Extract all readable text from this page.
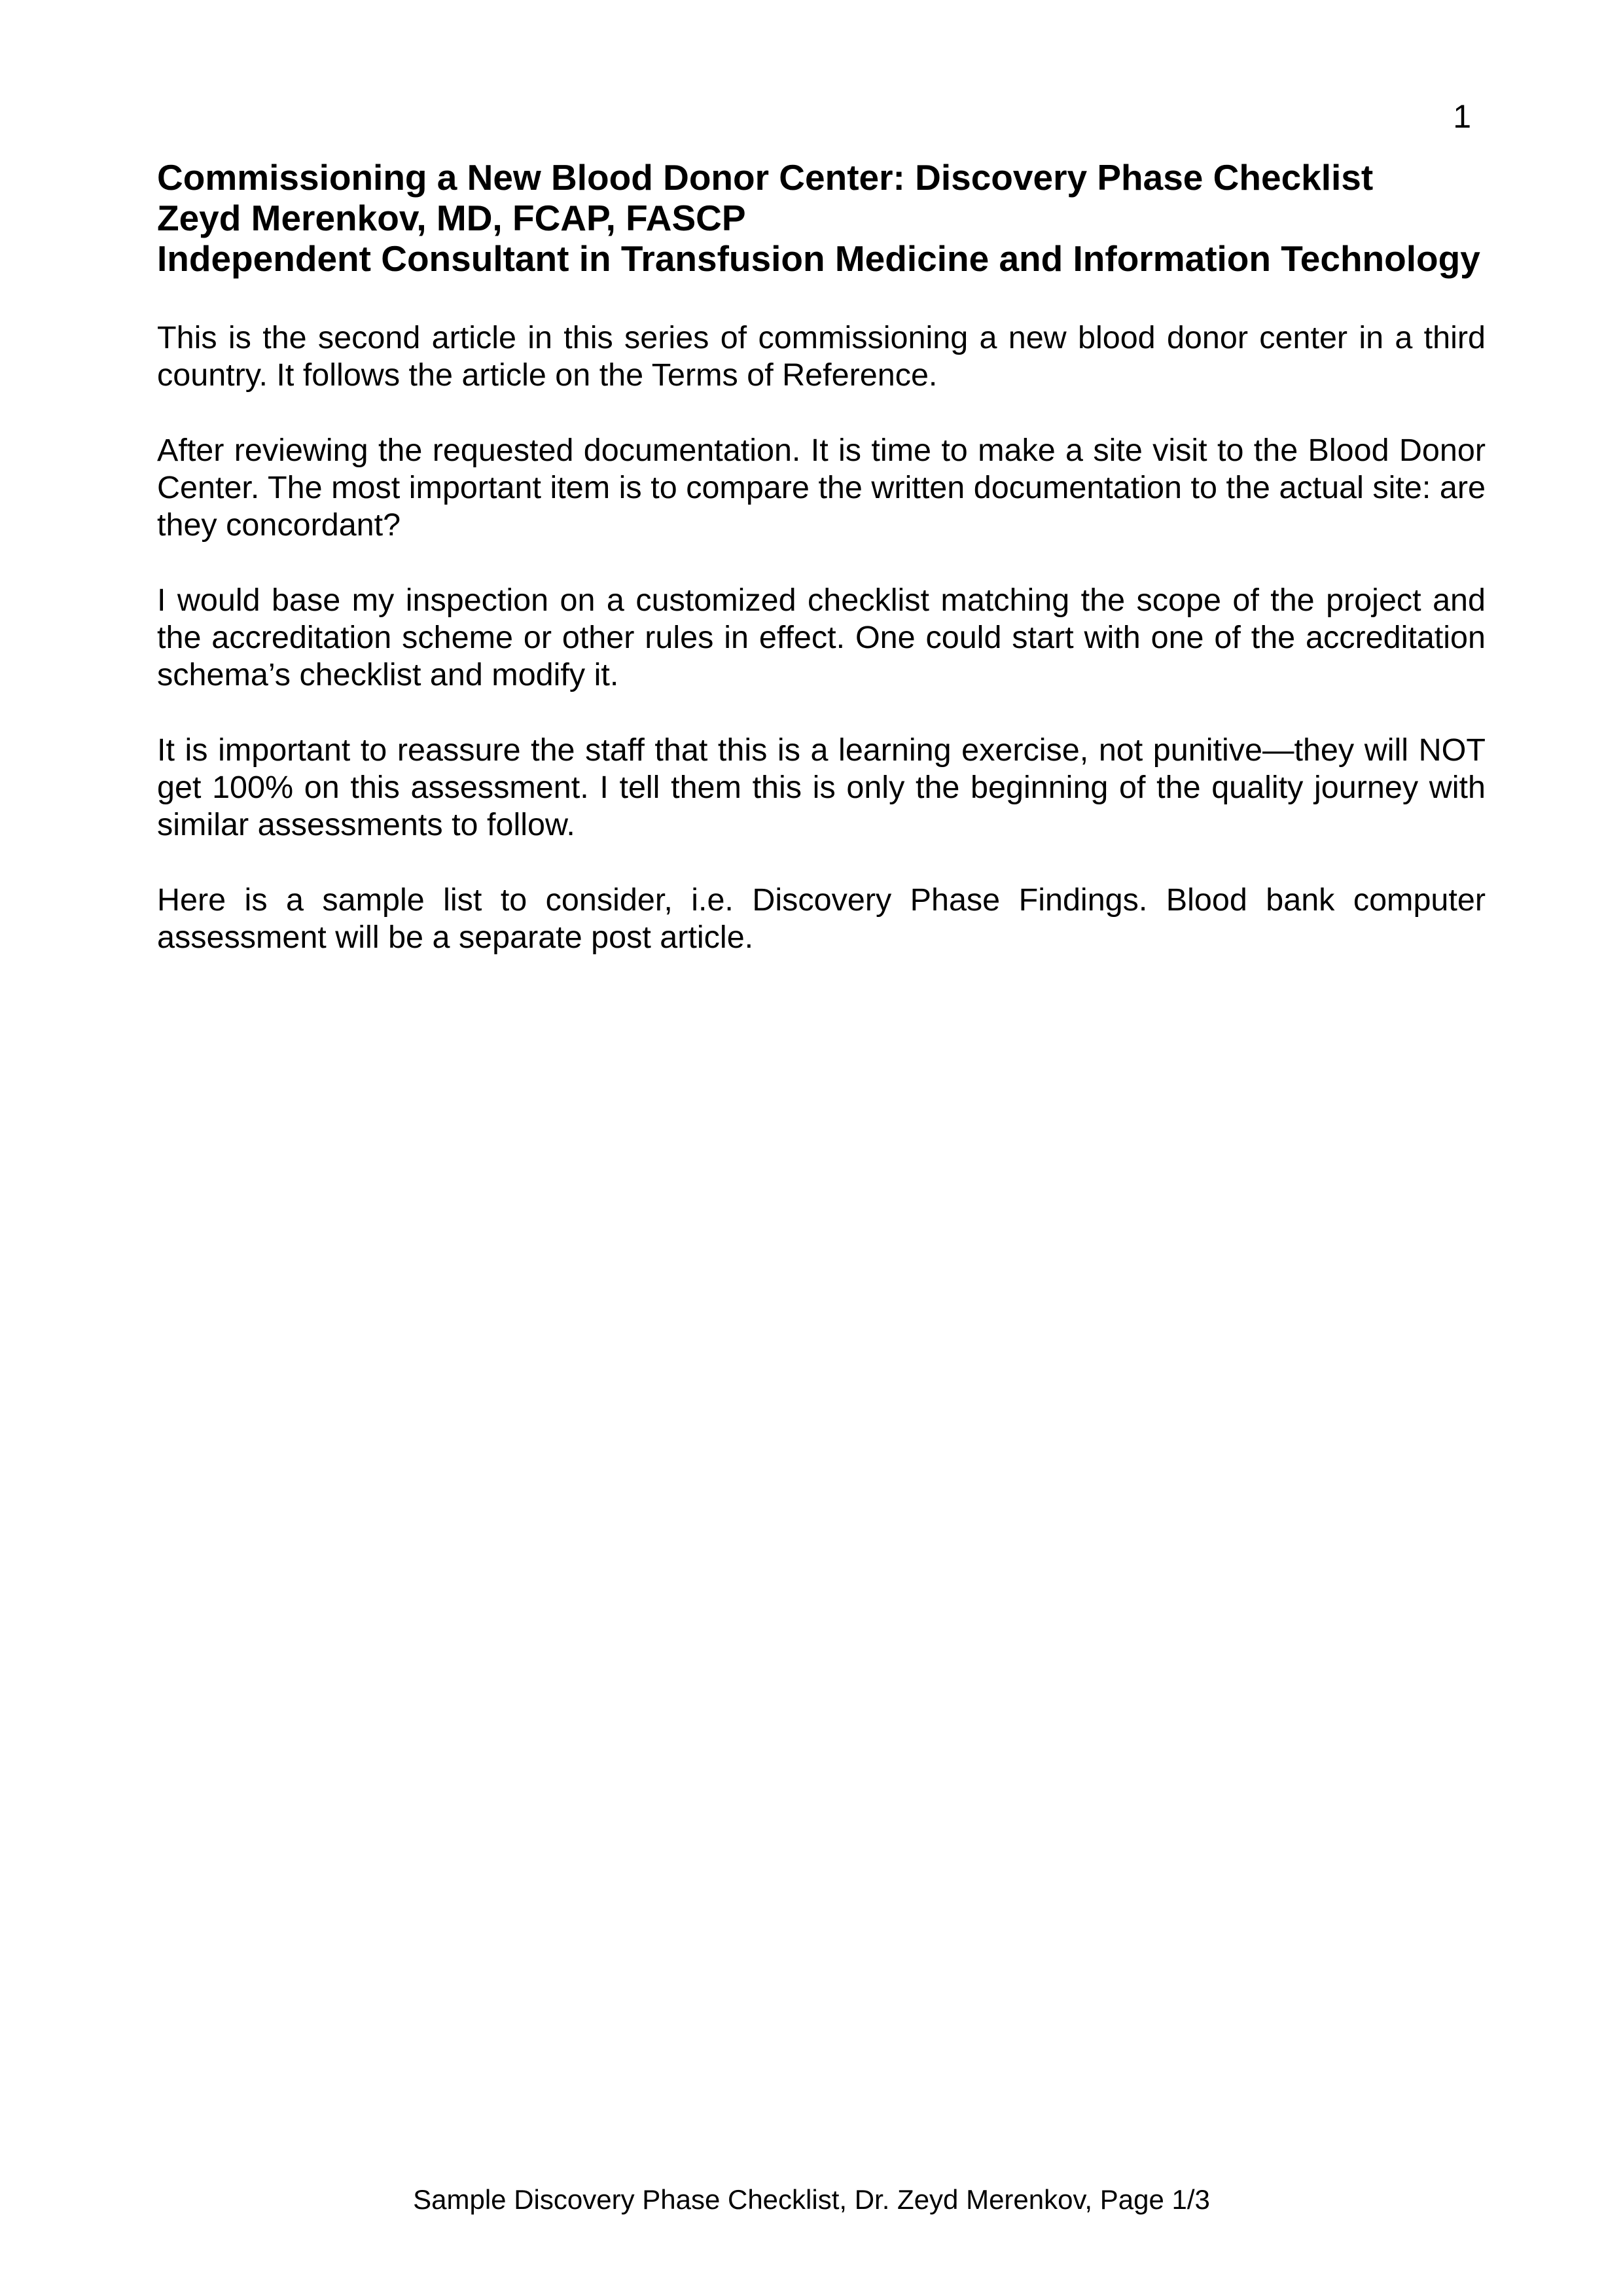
1
Commissioning a New Blood Donor Center: Discovery Phase Checklist
Zeyd Merenkov, MD, FCAP, FASCP
Independent Consultant in Transfusion Medicine and Information Technology

This is the second article in this series of commissioning a new blood donor center in a third country. It follows the article on the Terms of Reference.

After reviewing the requested documentation. It is time to make a site visit to the Blood Donor Center. The most important item is to compare the written documentation to the actual site: are they concordant?

I would base my inspection on a customized checklist matching the scope of the project and the accreditation scheme or other rules in effect. One could start with one of the accreditation schema’s checklist and modify it.

It is important to reassure the staff that this is a learning exercise, not punitive—they will NOT get 100% on this assessment. I tell them this is only the beginning of the quality journey with similar assessments to follow.

Here is a sample list to consider, i.e. Discovery Phase Findings. Blood bank computer assessment will be a separate post article.

Sample Discovery Phase Checklist, Dr. Zeyd Merenkov, Page 1/3
